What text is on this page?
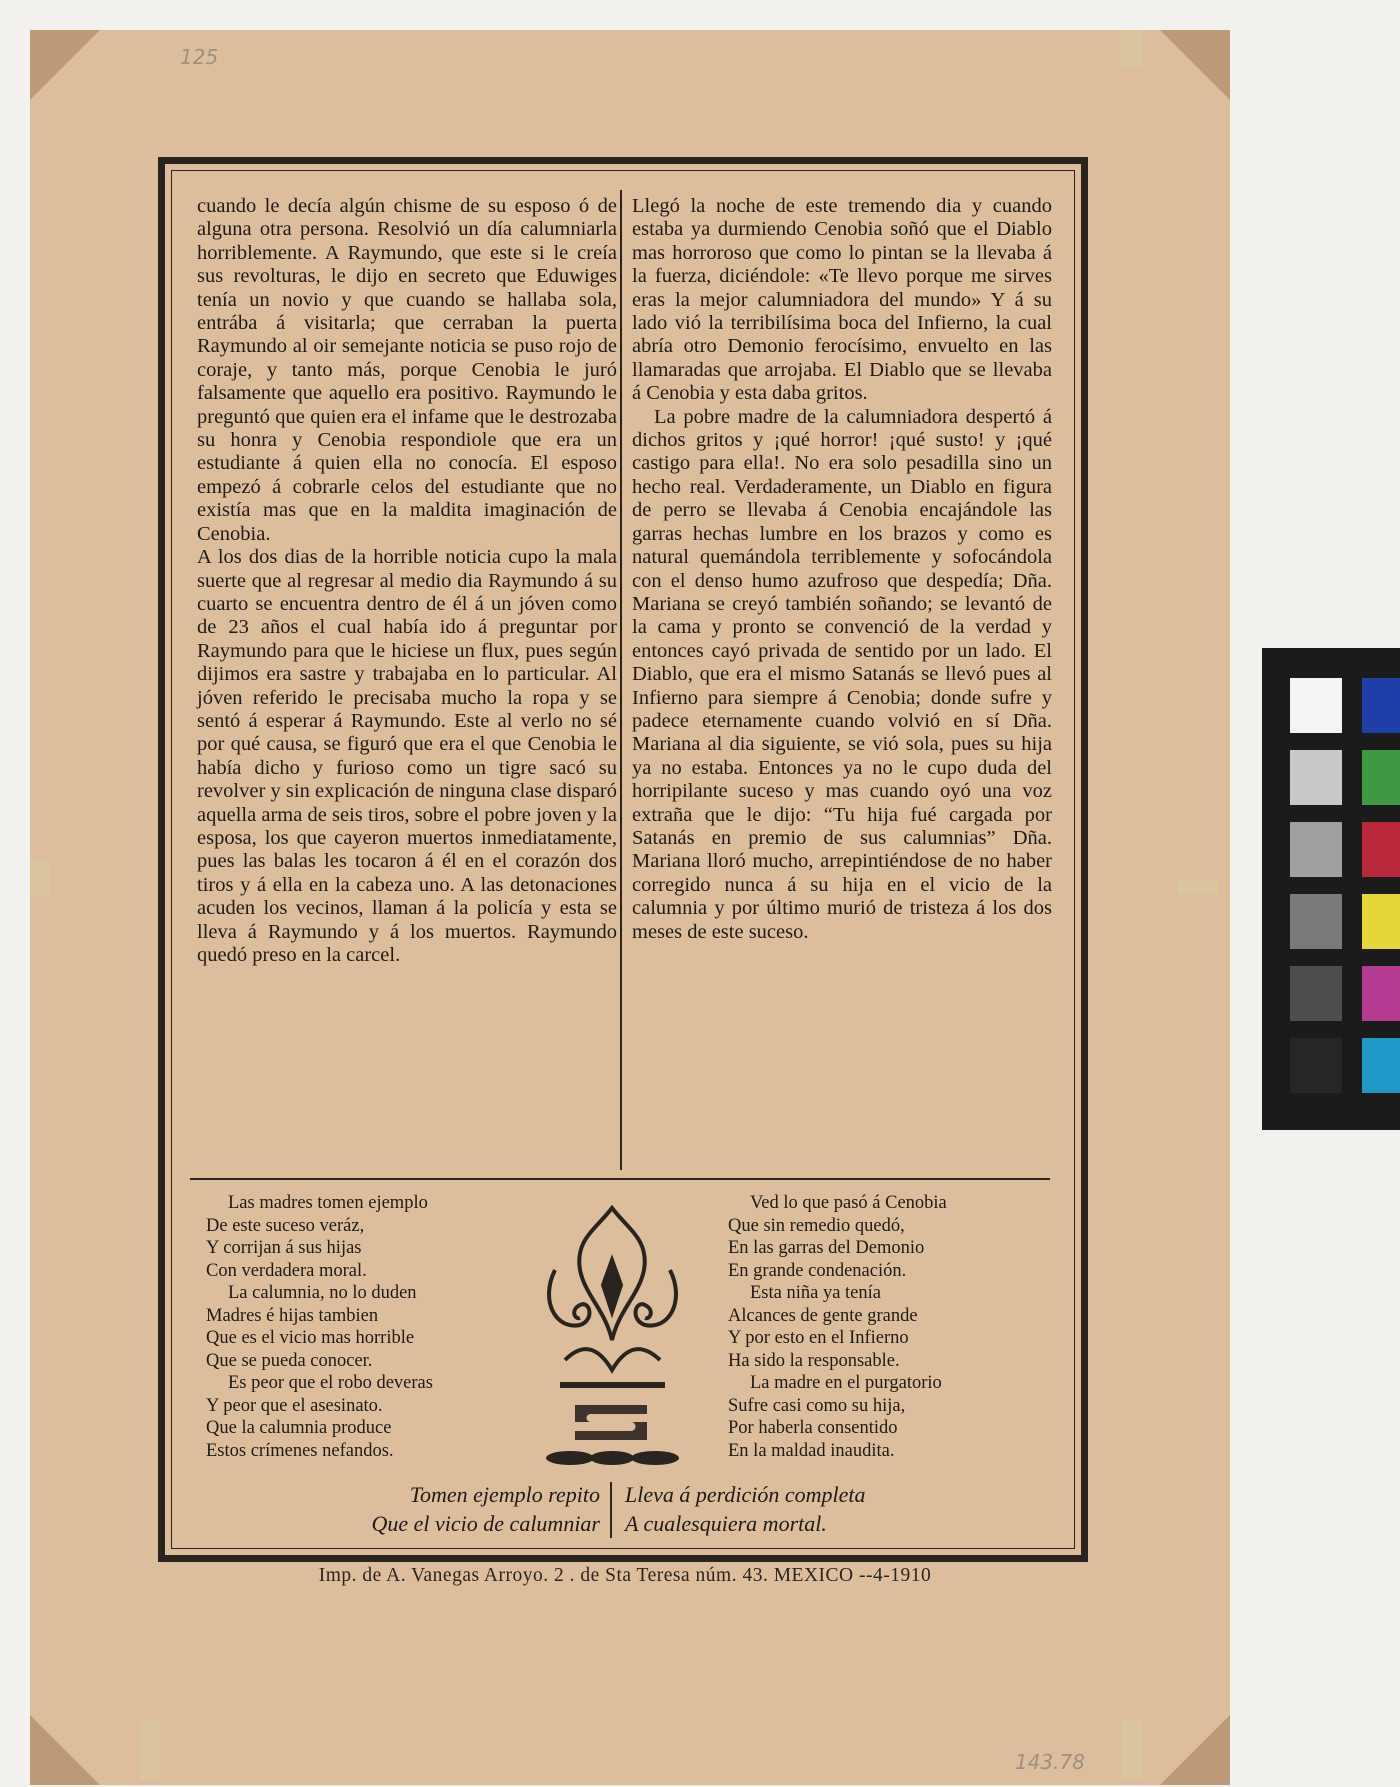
125
143.78

cuando le decía algún chisme de su esposo ó de alguna otra persona. Resolvió un día calumniarla horriblemente. A Raymundo, que este si le creía sus revolturas, le dijo en secreto que Eduwiges tenía un novio y que cuando se hallaba sola, entrába á visitarla; que cerraban la puerta Raymundo al oir semejante noticia se puso rojo de coraje, y tanto más, porque Cenobia le juró falsamente que aquello era positivo. Raymundo le preguntó que quien era el infame que le destrozaba su honra y Cenobia respondiole que era un estudiante á quien ella no conocía. El esposo empezó á cobrarle celos del estudiante que no existía mas que en la maldita imaginación de Cenobia.

A los dos dias de la horrible noticia cupo la mala suerte que al regresar al medio dia Raymundo á su cuarto se encuentra dentro de él á un jóven como de 23 años el cual había ido á preguntar por Raymundo para que le hiciese un flux, pues según dijimos era sastre y trabajaba en lo particular. Al jóven referido le precisaba mucho la ropa y se sentó á esperar á Raymundo. Este al verlo no sé por qué causa, se figuró que era el que Cenobia le había dicho y furioso como un tigre sacó su revolver y sin explicación de ninguna clase disparó aquella arma de seis tiros, sobre el pobre joven y la esposa, los que cayeron muertos inmediatamente, pues las balas les tocaron á él en el corazón dos tiros y á ella en la cabeza uno. A las detonaciones acuden los vecinos, llaman á la policía y esta se lleva á Raymundo y á los muertos. Raymundo quedó preso en la carcel.

Llegó la noche de este tremendo dia y cuando estaba ya durmiendo Cenobia soñó que el Diablo mas horroroso que como lo pintan se la llevaba á la fuerza, diciéndole: «Te llevo porque me sirves eras la mejor calumniadora del mundo» Y á su lado vió la terribilísima boca del Infierno, la cual abría otro Demonio ferocísimo, envuelto en las llamaradas que arrojaba. El Diablo que se llevaba á Cenobia y esta daba gritos.

La pobre madre de la calumniadora despertó á dichos gritos y ¡qué horror! ¡qué susto! y ¡qué castigo para ella!. No era solo pesadilla sino un hecho real. Verdaderamente, un Diablo en figura de perro se llevaba á Cenobia encajándole las garras hechas lumbre en los brazos y como es natural quemándola terriblemente y sofocándola con el denso humo azufroso que despedía; Dña. Mariana se creyó también soñando; se levantó de la cama y pronto se convenció de la verdad y entonces cayó privada de sentido por un lado. El Diablo, que era el mismo Satanás se llevó pues al Infierno para siempre á Cenobia; donde sufre y padece eternamente cuando volvió en sí Dña. Mariana al dia siguiente, se vió sola, pues su hija ya no estaba. Entonces ya no le cupo duda del horripilante suceso y mas cuando oyó una voz extraña que le dijo: “Tu hija fué cargada por Satanás en premio de sus calumnias” Dña. Mariana lloró mucho, arrepintiéndose de no haber corregido nunca á su hija en el vicio de la calumnia y por último murió de tristeza á los dos meses de este suceso.

Las madres tomen ejemplo
De este suceso veráz,
Y corrijan á sus hijas
Con verdadera moral.
La calumnia, no lo duden
Madres é hijas tambien
Que es el vicio mas horrible
Que se pueda conocer.
Es peor que el robo deveras
Y peor que el asesinato.
Que la calumnia produce
Estos crímenes nefandos.
Ved lo que pasó á Cenobia
Que sin remedio quedó,
En las garras del Demonio
En grande condenación.
Esta niña ya tenía
Alcances de gente grande
Y por esto en el Infierno
Ha sido la responsable.
La madre en el purgatorio
Sufre casi como su hija,
Por haberla consentido
En la maldad inaudita.
Tomen ejemplo repito
Que el vicio de calumniar
Lleva á perdición completa
A cualesquiera mortal.
Imp. de A. Vanegas Arroyo. 2 . de Sta Teresa núm. 43. MEXICO --4-1910
